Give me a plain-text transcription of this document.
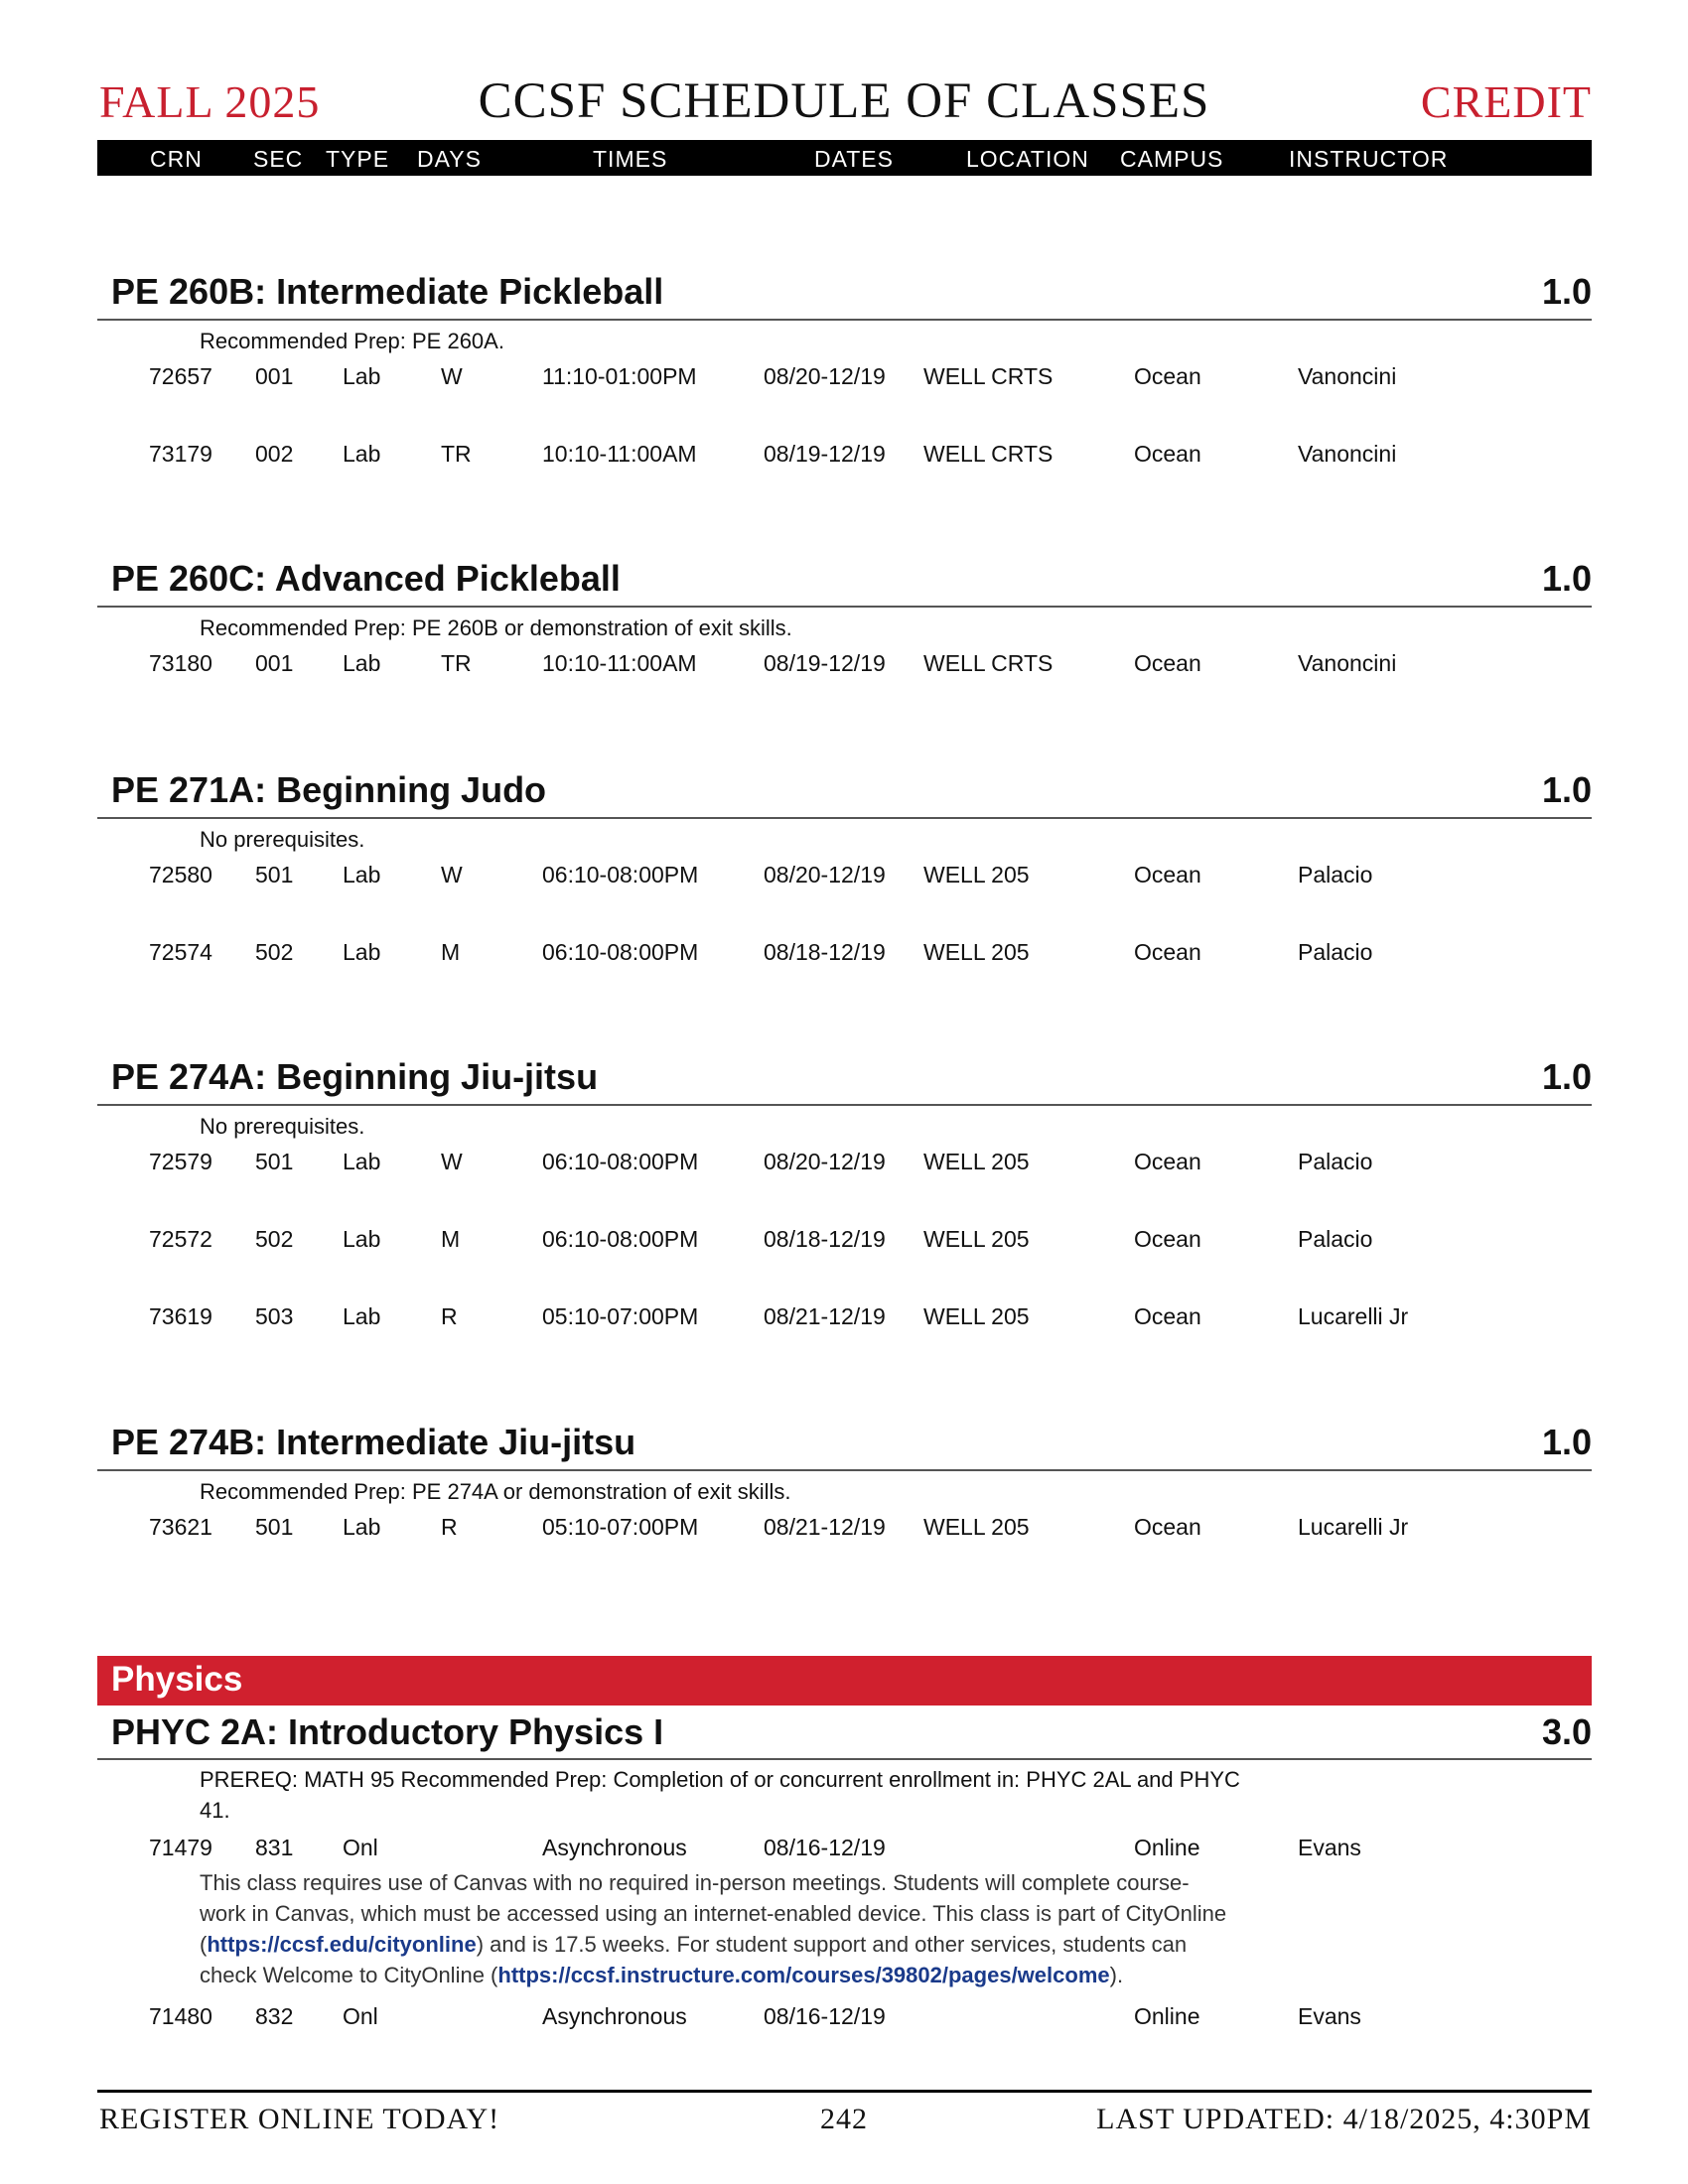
FALL 2025	CCSF SCHEDULE OF CLASSES	CREDIT
CRN SEC TYPE DAYS	TIMES	DATES	LOCATION CAMPUS	INSTRUCTOR
PE 260B: Intermediate Pickleball	1.0
Recommended Prep: PE 260A.
72657 001 Lab	W	11:10-01:00PM	08/20-12/19 WELL CRTS	Ocean	Vanoncini
73179 002 Lab	TR	10:10-11:00AM	08/19-12/19 WELL CRTS	Ocean	Vanoncini
PE 260C: Advanced Pickleball	1.0
Recommended Prep: PE 260B or demonstration of exit skills.
73180 001 Lab	TR	10:10-11:00AM	08/19-12/19 WELL CRTS	Ocean	Vanoncini
PE 271A: Beginning Judo	1.0
No prerequisites.
72580 501 Lab	W	06:10-08:00PM	08/20-12/19 WELL 205	Ocean	Palacio
72574 502 Lab	M	06:10-08:00PM	08/18-12/19 WELL 205	Ocean	Palacio
PE 274A: Beginning Jiu-jitsu	1.0
No prerequisites.
72579 501 Lab	W	06:10-08:00PM	08/20-12/19 WELL 205	Ocean	Palacio
72572 502 Lab	M	06:10-08:00PM	08/18-12/19 WELL 205	Ocean	Palacio
73619 503 Lab	R	05:10-07:00PM	08/21-12/19 WELL 205	Ocean	Lucarelli Jr
PE 274B: Intermediate Jiu-jitsu	1.0
Recommended Prep: PE 274A or demonstration of exit skills.
73621 501 Lab	R	05:10-07:00PM	08/21-12/19 WELL 205	Ocean	Lucarelli Jr
Physics
PHYC 2A: Introductory Physics I	3.0
PREREQ: MATH 95 Recommended Prep: Completion of or concurrent enrollment in: PHYC 2AL and PHYC
41.
71479 831 Onl	Asynchronous	08/16-12/19	Online	Evans
This class requires use of Canvas with no required in-person meetings. Students will complete course-
work in Canvas, which must be accessed using an internet-enabled device. This class is part of CityOnline
(https://ccsf.edu/cityonline) and is 17.5 weeks. For student support and other services, students can
check Welcome to CityOnline (https://ccsf.instructure.com/courses/39802/pages/welcome).
71480 832 Onl	Asynchronous	08/16-12/19	Online	Evans
REGISTER ONLINE TODAY!	242	LAST UPDATED: 4/18/2025, 4:30PM
